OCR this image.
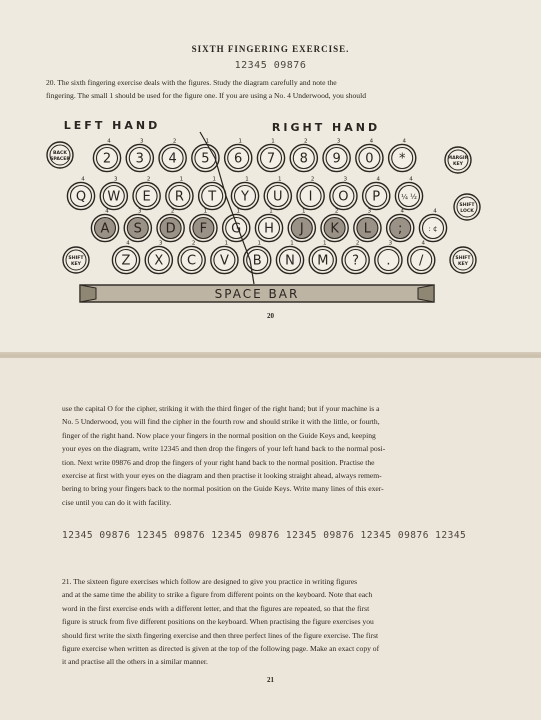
SIXTH FINGERING EXERCISE.
12345 09876
20. The sixth fingering exercise deals with the figures. Study the diagram carefully and note the
fingering. The small 1 should be used for the figure one. If you are using a No. 4 Underwood, you should
LEFT HAND	RIGHT HAND
2
4
3
3
4
2
5
1
6
1
7
1
8
2
9
3
0
4
*
4
Q
4
W
3
E
2
R
1
T
1
Y
1
U
1
I
2
O
3
P
4
¼ ½
4
A
4
S
3
D
2
F
1
G
1
H
1
J
1
K
2
L
3
;
4
: ¢
4
Z
4
X
3
C
2
V
1
B
1
N
1
M
1
?
2
.
3
/
4
BACK
SPACER	MARGIN
KEY
SHIFT
LOCK
SHIFT
KEY
SHIFT
KEY
SPACE BAR
20
use the capital O for the cipher, striking it with the third finger of the right hand; but if your machine is a
No. 5 Underwood, you will find the cipher in the fourth row and should strike it with the little, or fourth,
finger of the right hand. Now place your fingers in the normal position on the Guide Keys and, keeping
your eyes on the diagram, write 12345 and then drop the fingers of your left hand back to the normal posi-
tion. Next write 09876 and drop the fingers of your right hand back to the normal position. Practise the
exercise at first with your eyes on the diagram and then practise it looking straight ahead, always remem-
bering to bring your fingers back to the normal position on the Guide Keys. Write many lines of this exer-
cise until you can do it with facility.
12345 09876 12345 09876 12345 09876 12345 09876 12345 09876 12345
21. The sixteen figure exercises which follow are designed to give you practice in writing figures
and at the same time the ability to strike a figure from different points on the keyboard. Note that each
word in the first exercise ends with a different letter, and that the figures are repeated, so that the first
figure is struck from five different positions on the keyboard. When practising the figure exercises you
should first write the sixth fingering exercise and then three perfect lines of the figure exercise. The first
figure exercise when written as directed is given at the top of the following page. Make an exact copy of
it and practise all the others in a similar manner.
21
